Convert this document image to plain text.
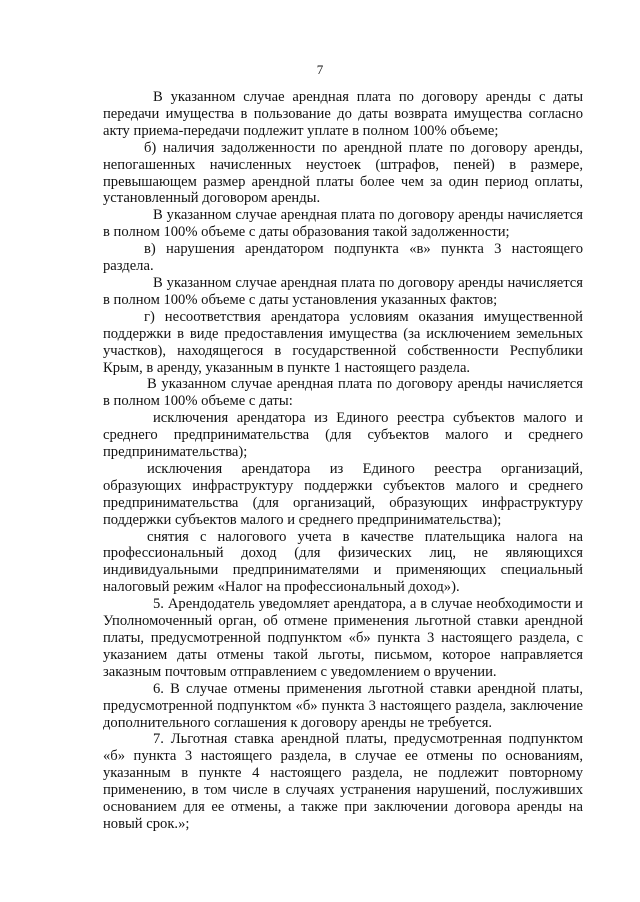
7

В указанном случае арендная плата по договору аренды с даты передачи имущества в пользование до даты возврата имущества согласно акту приема-передачи подлежит уплате в полном 100% объеме;

б) наличия задолженности по арендной плате по договору аренды, непогашенных начисленных неустоек (штрафов, пеней) в размере, превышающем размер арендной платы более чем за один период оплаты, установленный договором аренды.

В указанном случае арендная плата по договору аренды начисляется в полном 100% объеме с даты образования такой задолженности;

в) нарушения арендатором подпункта «в» пункта 3 настоящего раздела.

В указанном случае арендная плата по договору аренды начисляется в полном 100% объеме с даты установления указанных фактов;

г) несоответствия арендатора условиям оказания имущественной поддержки в виде предоставления имущества (за исключением земельных участков), находящегося в государственной собственности Республики Крым, в аренду, указанным в пункте 1 настоящего раздела.

В указанном случае арендная плата по договору аренды начисляется в полном 100% объеме с даты:

исключения арендатора из Единого реестра субъектов малого и среднего предпринимательства (для субъектов малого и среднего предпринимательства);

исключения арендатора из Единого реестра организаций, образующих инфраструктуру поддержки субъектов малого и среднего предпринимательства (для организаций, образующих инфраструктуру поддержки субъектов малого и среднего предпринимательства);

снятия с налогового учета в качестве плательщика налога на профессиональный доход (для физических лиц, не являющихся индивидуальными предпринимателями и применяющих специальный налоговый режим «Налог на профессиональный доход»).

5. Арендодатель уведомляет арендатора, а в случае необходимости и Уполномоченный орган, об отмене применения льготной ставки арендной платы, предусмотренной подпунктом «б» пункта 3 настоящего раздела, с указанием даты отмены такой льготы, письмом, которое направляется заказным почтовым отправлением с уведомлением о вручении.

6. В случае отмены применения льготной ставки арендной платы, предусмотренной подпунктом «б» пункта 3 настоящего раздела, заключение дополнительного соглашения к договору аренды не требуется.

7. Льготная ставка арендной платы, предусмотренная подпунктом «б» пункта 3 настоящего раздела, в случае ее отмены по основаниям, указанным в пункте 4 настоящего раздела, не подлежит повторному применению, в том числе в случаях устранения нарушений, послуживших основанием для ее отмены, а также при заключении договора аренды на новый срок.»;
